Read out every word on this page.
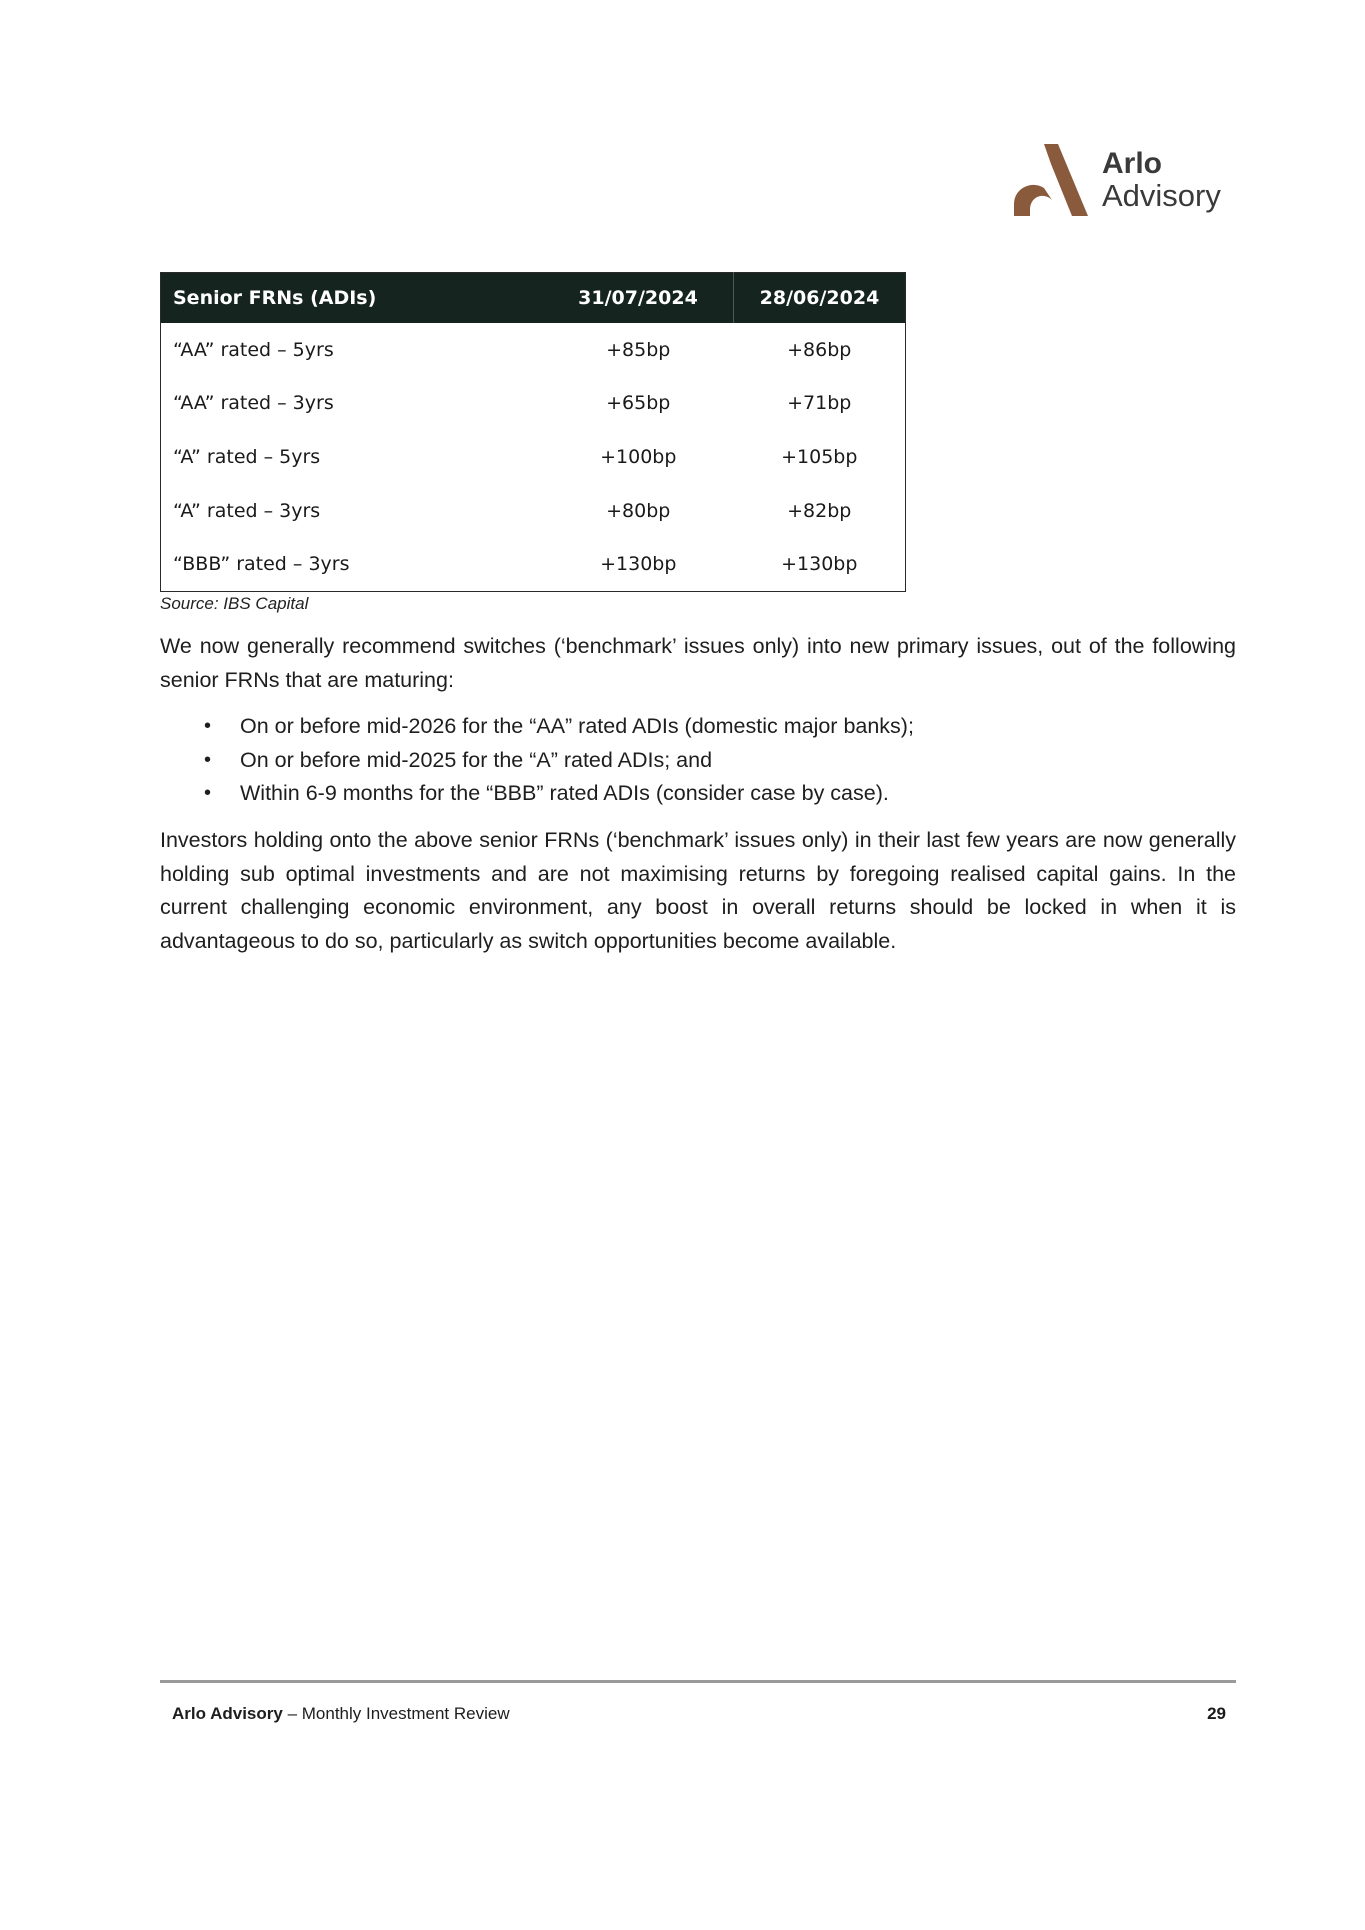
Arlo
Advisory
Senior FRNs (ADIs)	31/07/2024	28/06/2024
“AA” rated – 5yrs	+85bp	+86bp
“AA” rated – 3yrs	+65bp	+71bp
“A” rated – 5yrs	+100bp	+105bp
“A” rated – 3yrs	+80bp	+82bp
“BBB” rated – 3yrs	+130bp	+130bp
Source: IBS Capital

We now generally recommend switches (‘benchmark’ issues only) into new primary issues, out of the following senior FRNs that are maturing:

• On or before mid-2026 for the “AA” rated ADIs (domestic major banks);
• On or before mid-2025 for the “A” rated ADIs; and
• Within 6-9 months for the “BBB” rated ADIs (consider case by case).

Investors holding onto the above senior FRNs (‘benchmark’ issues only) in their last few years are now generally holding sub optimal investments and are not maximising returns by foregoing realised capital gains. In the current challenging economic environment, any boost in overall returns should be locked in when it is advantageous to do so, particularly as switch opportunities become available.

Arlo Advisory – Monthly Investment Review	29
